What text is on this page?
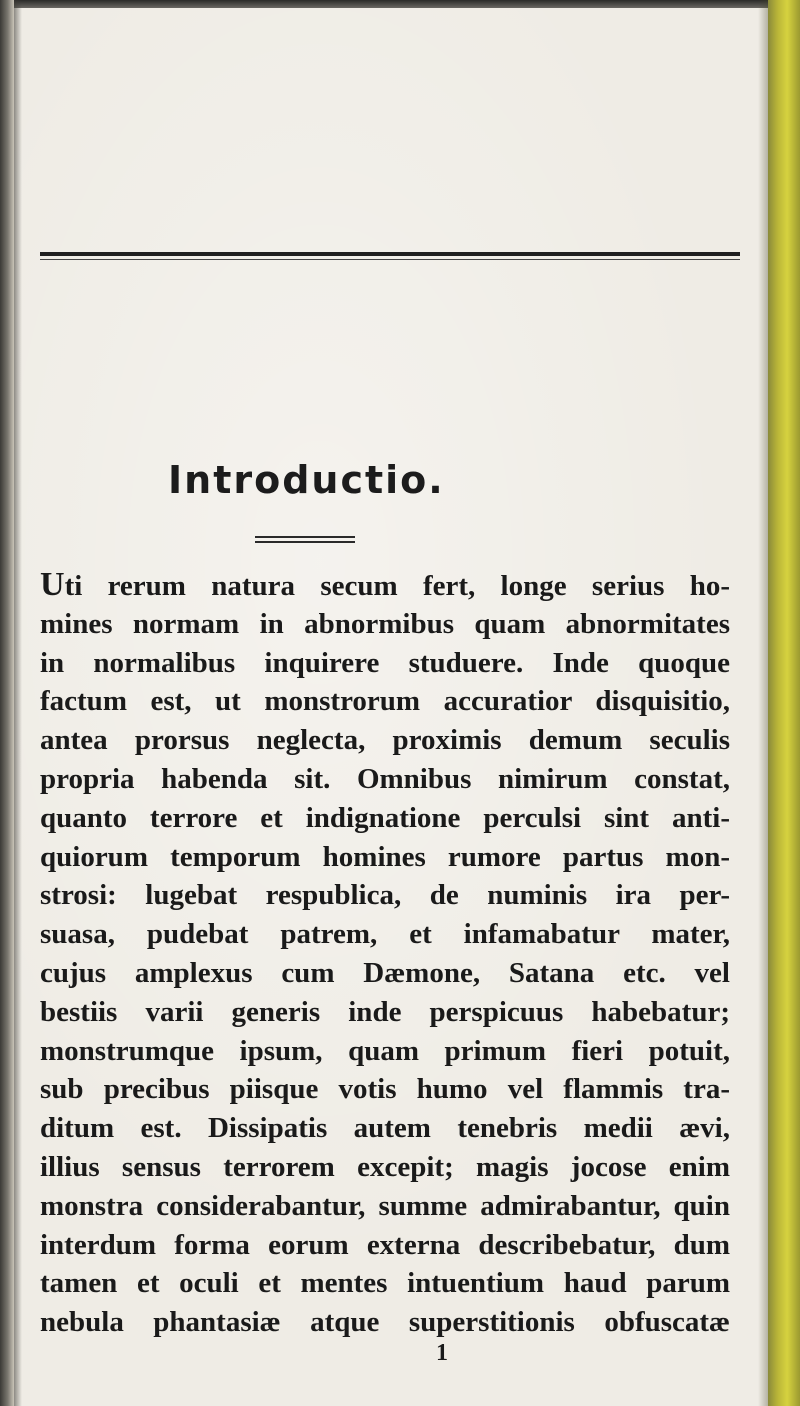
Introductio.
Uti rerum natura secum fert, longe serius ho-
mines normam in abnormibus quam abnormitates
in normalibus inquirere studuere. Inde quoque
factum est, ut monstrorum accuratior disquisitio,
antea prorsus neglecta, proximis demum seculis
propria habenda sit. Omnibus nimirum constat,
quanto terrore et indignatione perculsi sint anti-
quiorum temporum homines rumore partus mon-
strosi: lugebat respublica, de numinis ira per-
suasa, pudebat patrem, et infamabatur mater,
cujus amplexus cum Dæmone, Satana etc. vel
bestiis varii generis inde perspicuus habebatur;
monstrumque ipsum, quam primum fieri potuit,
sub precibus piisque votis humo vel flammis tra-
ditum est. Dissipatis autem tenebris medii ævi,
illius sensus terrorem excepit; magis jocose enim
monstra considerabantur, summe admirabantur, quin
interdum forma eorum externa describebatur, dum
tamen et oculi et mentes intuentium haud parum
nebula phantasiæ atque superstitionis obfuscatæ
1
